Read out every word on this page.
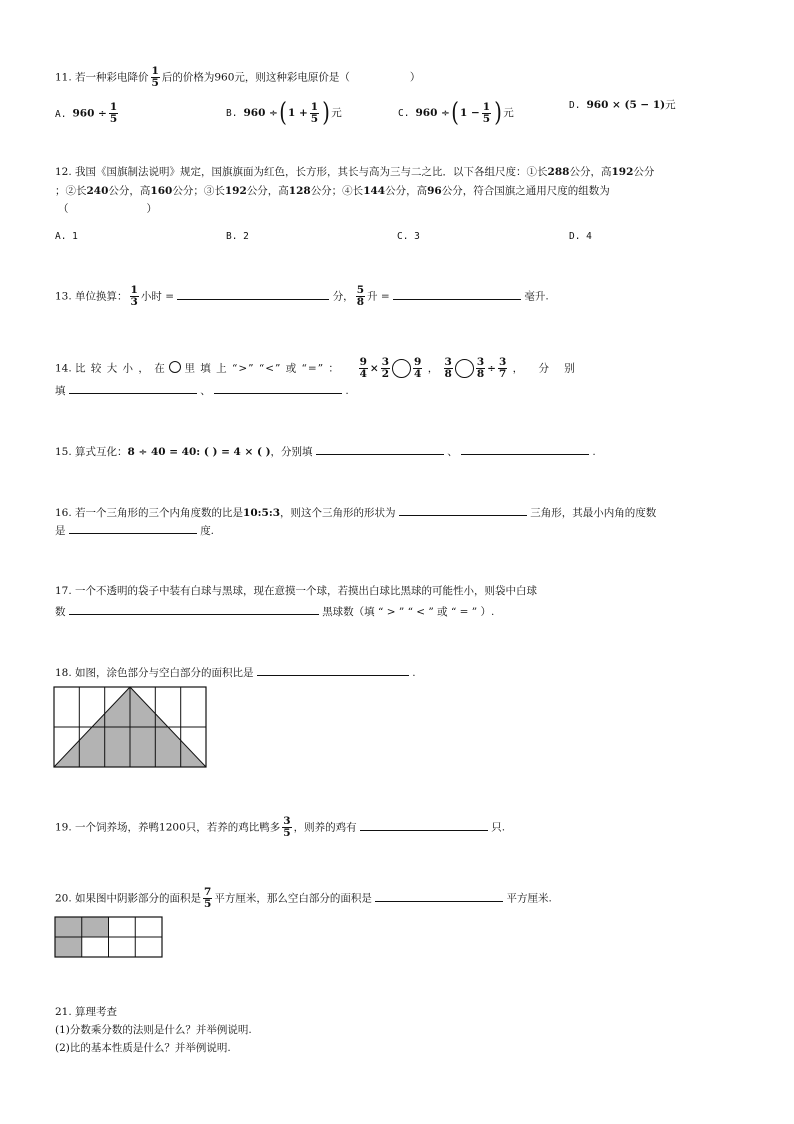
11. 若一种彩电降价 $\frac{1}{5}$ 后的价格为960元，则这种彩电原价是（	）
A. $960 \div \frac{1}{5}$	B. $960 \div(1 + \frac{1}{5}$ )元	C. $960 \div(1 - \frac{1}{5}$ )元
D. 960 × (5 − 1)元
12. 我国《国旗制法说明》规定，国旗旗面为红色，长方形，其长与高为三与二之比．以下各组尺度：①长288公分，高192公分
；②长240公分，高160公分；③长192公分，高128公分；④长144公分，高96公分，符合国旗之通用尺度的组数为
（	）
A. 1	B. 2	C. 3	D. 4
13. 单位换算： $\frac{1}{3}$ 小时 =	分， $\frac{5}{8}$ 升 =	毫升.
14. 比 较 大 小 ， 在 里 填 上 “>” “<” 或 “=” ： $\frac{9}{4} \times \frac{3}{2} \frac{9}{4}$ ， $\frac{3}{8} \frac{3}{8} \div \frac{3}{7}$ ， 分 别
填	、	.
15. 算式互化：8 ÷ 40 = 40: ( ) = 4 × ( )，分别填	、	.
16. 若一个三角形的三个内角度数的比是10:5:3，则这个三角形的形状为	三角形，其最小内角的度数
是	度.
17. 一个不透明的袋子中装有白球与黑球，现在意摸一个球，若摸出白球比黑球的可能性小，则袋中白球
数	黑球数（填 “ > ” “ < ” 或 “ = ” ）.
18. 如图，涂色部分与空白部分的面积比是	.
19. 一个饲养场，养鸭1200只，若养的鸡比鸭多 $\frac{3}{5}$ ，则养的鸡有	只.
20. 如果图中阴影部分的面积是 $\frac{7}{5}$ 平方厘米，那么空白部分的面积是	平方厘米.
21. 算理考查
(1)分数乘分数的法则是什么？并举例说明.
(2)比的基本性质是什么？并举例说明.
